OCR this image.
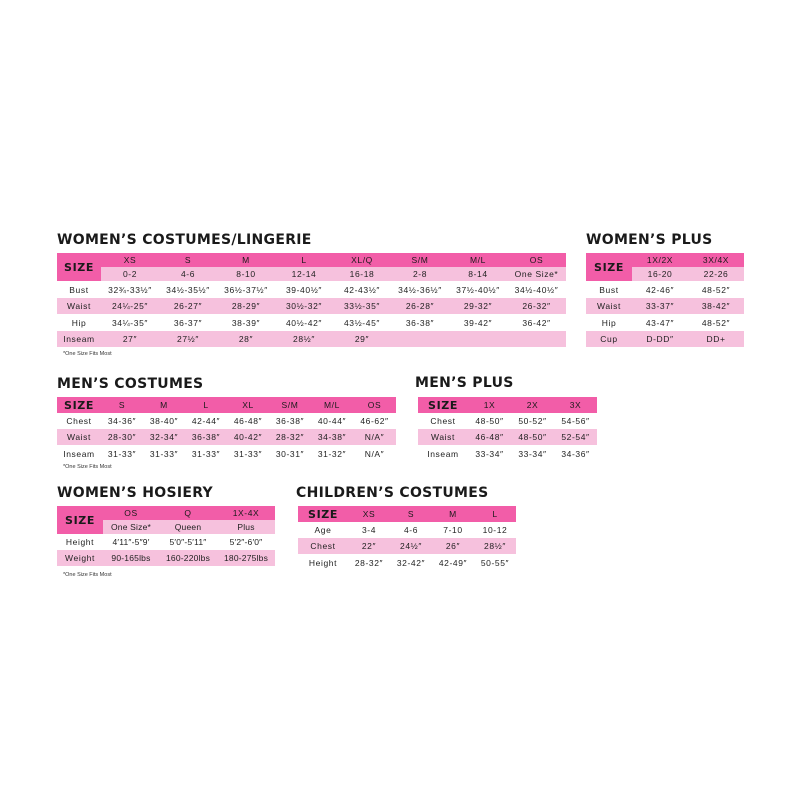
WOMEN’S COSTUMES/LINGERIE
SIZE	XS	S	M	L	XL/Q	S/M	M/L	OS
	0-2	4-6	8-10	12-14	16-18	2-8	8-14	One Size*
Bust	32¾-33½″	34½-35½″	36½-37½″	39-40½″	42-43½″	34½-36½″	37½-40½″	34½-40½″
Waist	24¼-25″	26-27″	28-29″	30½-32″	33½-35″	26-28″	29-32″	26-32″
Hip	34¼-35″	36-37″	38-39″	40½-42″	43½-45″	36-38″	39-42″	36-42″
Inseam	27″	27½″	28″	28½″	29″			
*One Size Fits Most
WOMEN’S PLUS
SIZE	1X/2X	3X/4X
	16-20	22-26
Bust	42-46″	48-52″
Waist	33-37″	38-42″
Hip	43-47″	48-52″
Cup	D-DD″	DD+
MEN’S COSTUMES
SIZE	S	M	L	XL	S/M	M/L	OS
Chest	34-36″	38-40″	42-44″	46-48″	36-38″	40-44″	46-62″
Waist	28-30″	32-34″	36-38″	40-42″	28-32″	34-38″	N/A″
Inseam	31-33″	31-33″	31-33″	31-33″	30-31″	31-32″	N/A″
*One Size Fits Most
MEN’S PLUS
SIZE	1X	2X	3X
Chest	48-50″	50-52″	54-56″
Waist	46-48″	48-50″	52-54″
Inseam	33-34″	33-34″	34-36″
WOMEN’S HOSIERY
SIZE	OS	Q	1X-4X
	One Size*	Queen	Plus
Height	4′11″-5″9′	5′0″-5′11″	5′2″-6′0″
Weight	90-165lbs	160-220lbs	180-275lbs
*One Size Fits Most
CHILDREN’S COSTUMES
SIZE	XS	S	M	L
Age	3-4	4-6	7-10	10-12
Chest	22″	24½″	26″	28½″
Height	28-32″	32-42″	42-49″	50-55″
